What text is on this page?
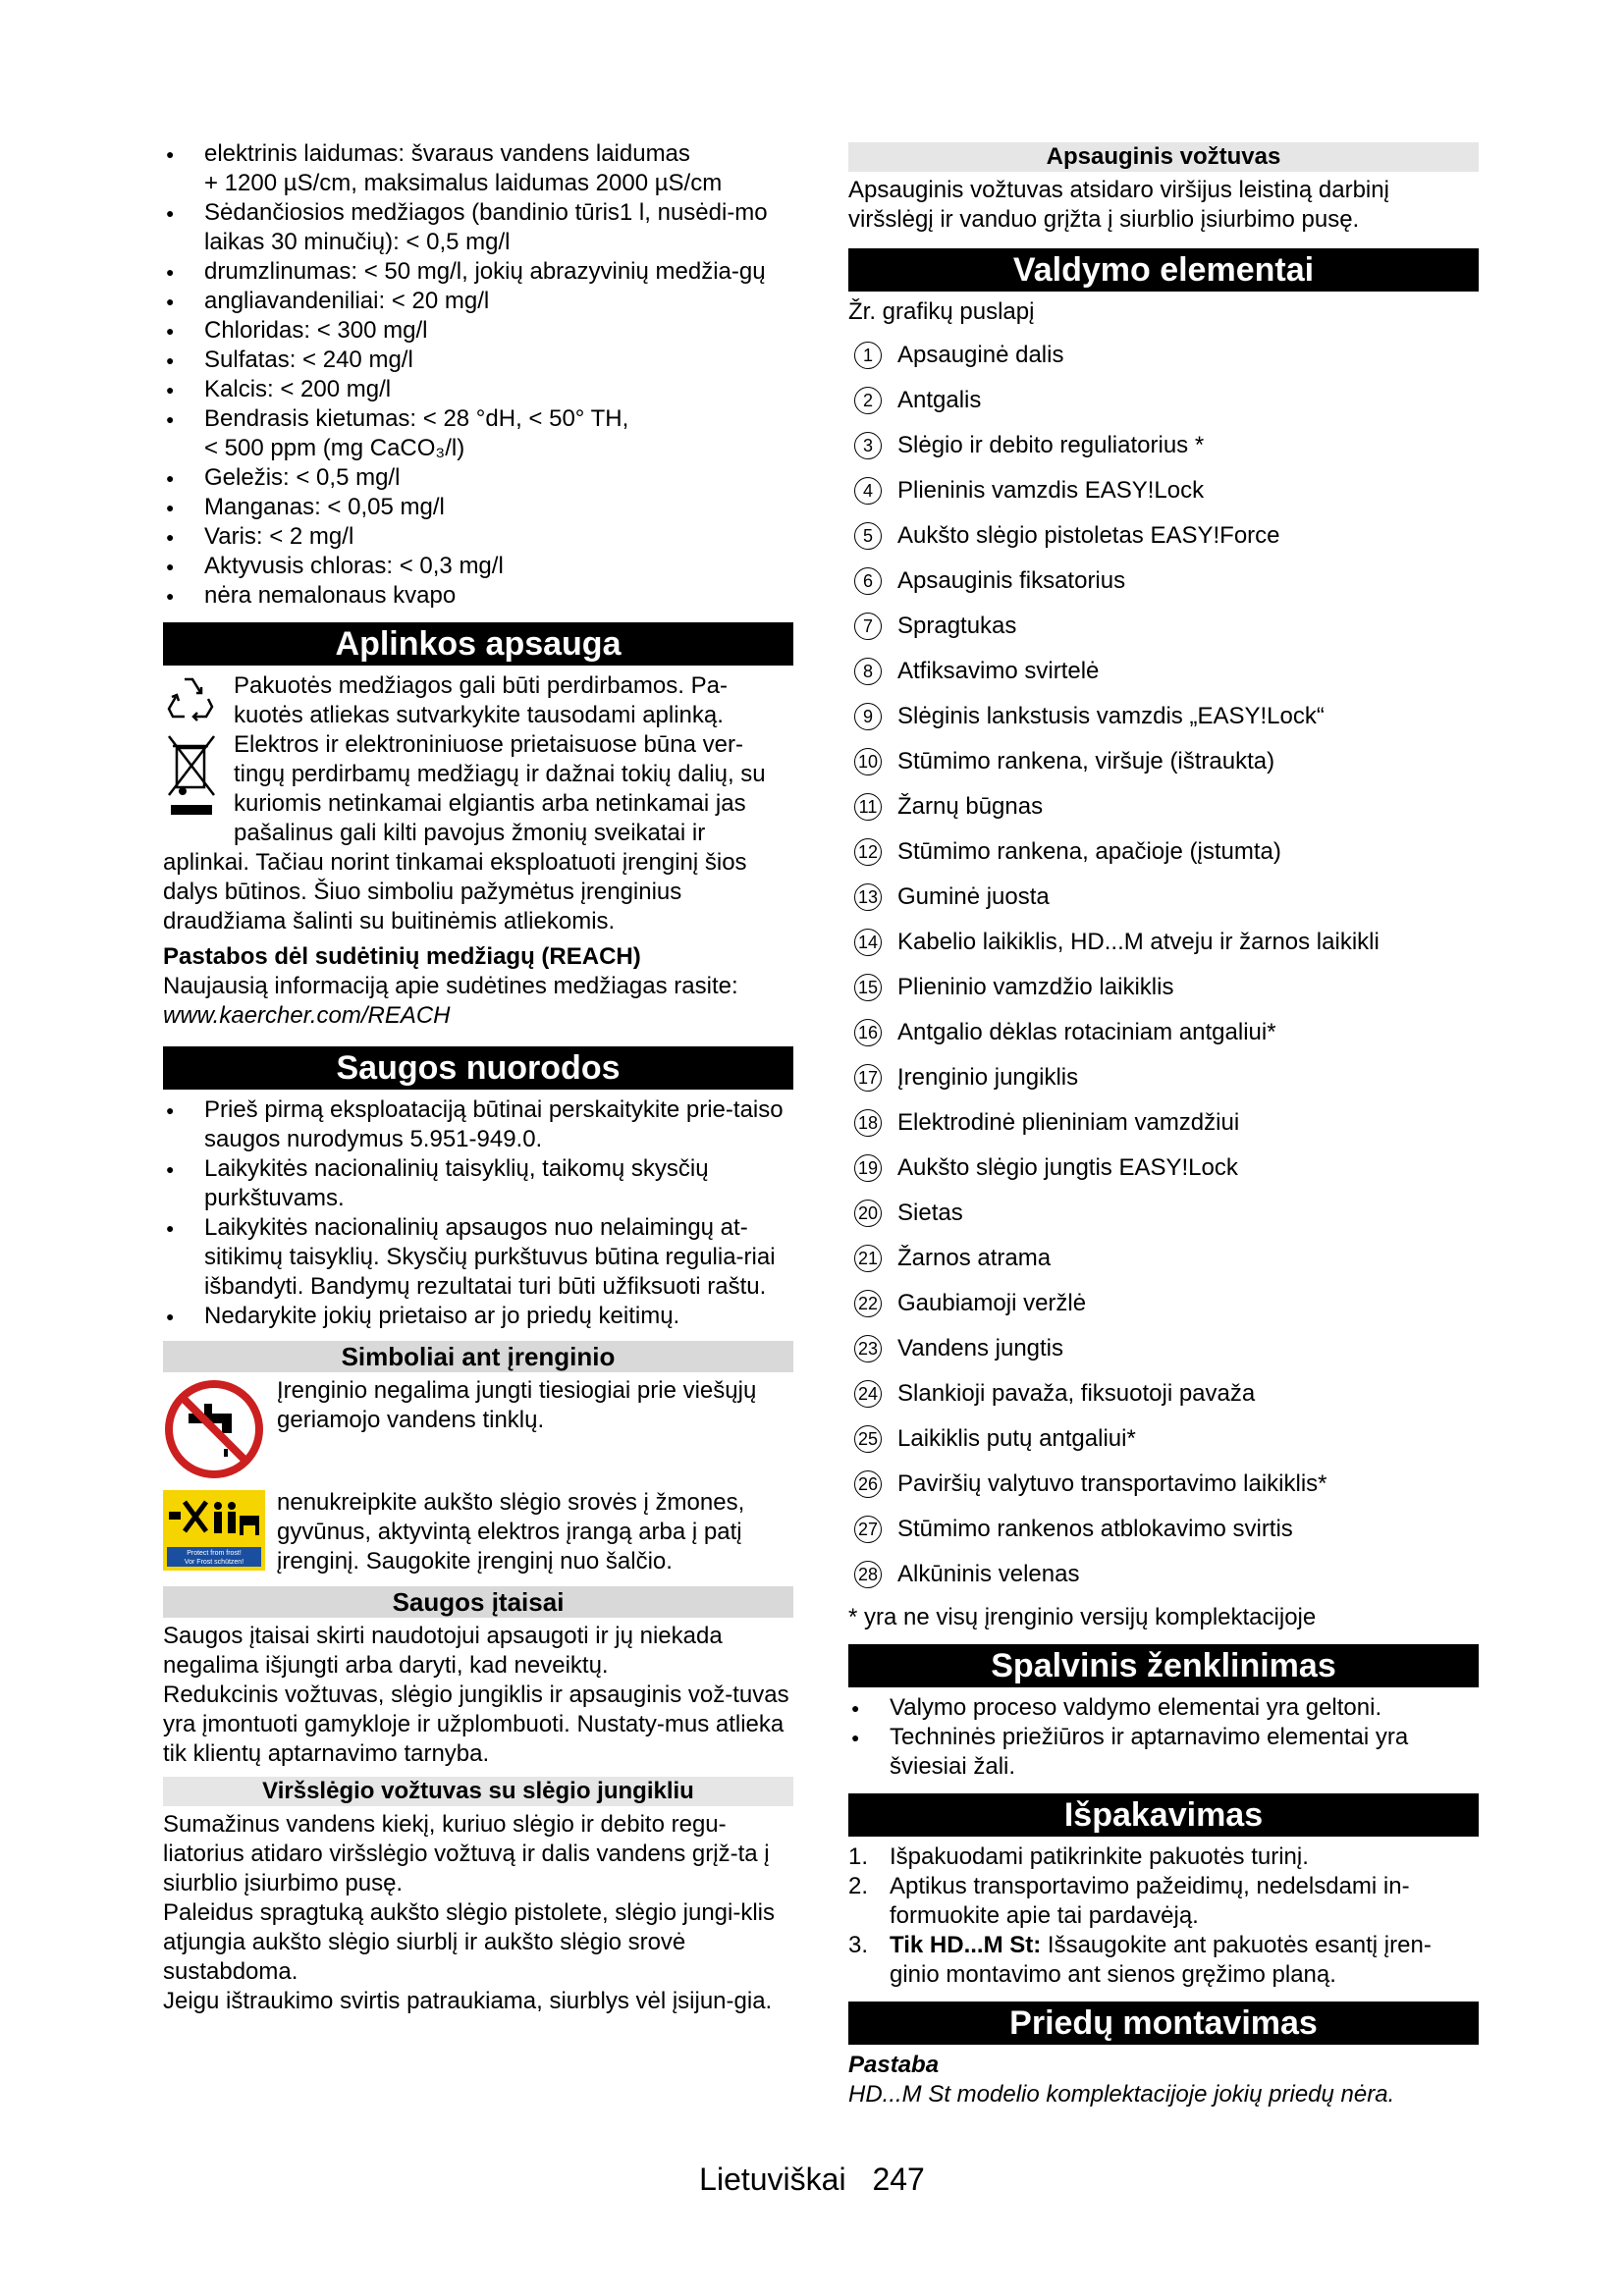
● elektrinis laidumas: švaraus vandens laidumas
+ 1200 µS/cm, maksimalus laidumas 2000 µS/cm
● Sėdančiosios medžiagos (bandinio tūris1 l, nusėdi-mo laikas 30 minučių): < 0,5 mg/l
● drumzlinumas: < 50 mg/l, jokių abrazyvinių medžia-gų
● angliavandeniliai: < 20 mg/l
● Chloridas: < 300 mg/l
● Sulfatas: < 240 mg/l
● Kalcis: < 200 mg/l
● Bendrasis kietumas: < 28 °dH, < 50° TH,
< 500 ppm (mg CaCO₃/l)
● Geležis: < 0,5 mg/l
● Manganas: < 0,05 mg/l
● Varis: < 2 mg/l
● Aktyvusis chloras: < 0,3 mg/l
● nėra nemalonaus kvapo
Aplinkos apsauga
Pakuotės medžiagos gali būti perdirbamos. Pa-kuotės atliekas sutvarkykite tausodami aplinką.
Elektros ir elektroniniuose prietaisuose būna ver-tingų perdirbamų medžiagų ir dažnai tokių dalių, su kuriomis netinkamai elgiantis arba netinkamai jas pašalinus gali kilti pavojus žmonių sveikatai ir

aplinkai. Tačiau norint tinkamai eksploatuoti įrenginį šios dalys būtinos. Šiuo simboliu pažymėtus įrenginius draudžiama šalinti su buitinėmis atliekomis.

Pastabos dėl sudėtinių medžiagų (REACH)

Naujausią informaciją apie sudėtines medžiagas rasite:

www.kaercher.com/REACH

Saugos nuorodos
● Prieš pirmą eksploataciją būtinai perskaitykite prie-taiso saugos nurodymus 5.951-949.0.
● Laikykitės nacionalinių taisyklių, taikomų skysčių purkštuvams.
● Laikykitės nacionalinių apsaugos nuo nelaimingų at-sitikimų taisyklių. Skysčių purkštuvus būtina regulia-riai išbandyti. Bandymų rezultatai turi būti užfiksuoti raštu.
● Nedarykite jokių prietaiso ar jo priedų keitimų.
Simboliai ant įrenginio
Įrenginio negalima jungti tiesiogiai prie viešųjų geriamojo vandens tinklų.
Protect from frost!
Vor Frost schützen!
nenukreipkite aukšto slėgio srovės į žmones, gyvūnus, aktyvintą elektros įrangą arba į patį įrenginį. Saugokite įrenginį nuo šalčio.
Saugos įtaisai

Saugos įtaisai skirti naudotojui apsaugoti ir jų niekada negalima išjungti arba daryti, kad neveiktų.

Redukcinis vožtuvas, slėgio jungiklis ir apsauginis vož-tuvas yra įmontuoti gamykloje ir užplombuoti. Nustaty-mus atlieka tik klientų aptarnavimo tarnyba.

Viršslėgio vožtuvas su slėgio jungikliu

Sumažinus vandens kiekį, kuriuo slėgio ir debito regu-liatorius atidaro viršslėgio vožtuvą ir dalis vandens grįž-ta į siurblio įsiurbimo pusę.

Paleidus spragtuką aukšto slėgio pistolete, slėgio jungi-klis atjungia aukšto slėgio siurblį ir aukšto slėgio srovė sustabdoma.

Jeigu ištraukimo svirtis patraukiama, siurblys vėl įsijun-gia.

Apsauginis vožtuvas

Apsauginis vožtuvas atsidaro viršijus leistiną darbinį viršslėgį ir vanduo grįžta į siurblio įsiurbimo pusę.

Valdymo elementai

Žr. grafikų puslapį

1	Apsauginė dalis
2	Antgalis
3	Slėgio ir debito reguliatorius *
4	Plieninis vamzdis EASY!Lock
5	Aukšto slėgio pistoletas EASY!Force
6	Apsauginis fiksatorius
7	Spragtukas
8	Atfiksavimo svirtelė
9	Slėginis lankstusis vamzdis „EASY!Lock“
10 Stūmimo rankena, viršuje (ištraukta)
11 Žarnų būgnas
12 Stūmimo rankena, apačioje (įstumta)
13 Guminė juosta
14 Kabelio laikiklis, HD...M atveju ir žarnos laikikli
15 Plieninio vamzdžio laikiklis
16 Antgalio dėklas rotaciniam antgaliui*
17 Įrenginio jungiklis
18 Elektrodinė plieniniam vamzdžiui
19 Aukšto slėgio jungtis EASY!Lock
20 Sietas
21 Žarnos atrama
22 Gaubiamoji veržlė
23 Vandens jungtis
24 Slankioji pavaža, fiksuotoji pavaža
25 Laikiklis putų antgaliui*
26 Paviršių valytuvo transportavimo laikiklis*
27 Stūmimo rankenos atblokavimo svirtis
28 Alkūninis velenas

* yra ne visų įrenginio versijų komplektacijoje

Spalvinis ženklinimas
● Valymo proceso valdymo elementai yra geltoni.
● Techninės priežiūros ir aptarnavimo elementai yra šviesiai žali.
Išpakavimas
1. Išpakuodami patikrinkite pakuotės turinį.
2. Aptikus transportavimo pažeidimų, nedelsdami in-formuokite apie tai pardavėją.
3. Tik HD...M St: Išsaugokite ant pakuotės esantį įren-ginio montavimo ant sienos gręžimo planą.
Priedų montavimas

Pastaba

HD...M St modelio komplektacijoje jokių priedų nėra.

Lietuviškai 247
